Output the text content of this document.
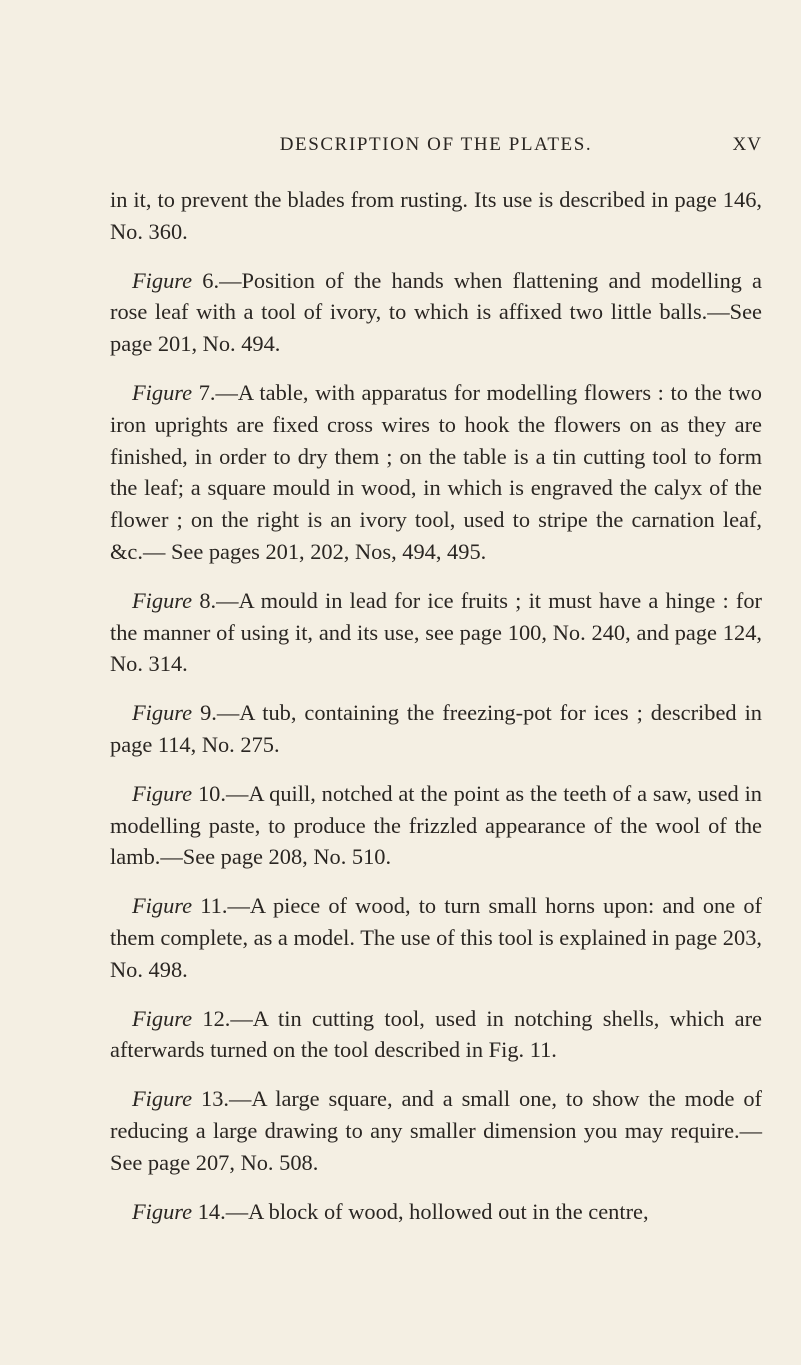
DESCRIPTION OF THE PLATES.	XV

in it, to prevent the blades from rusting. Its use is described in page 146, No. 360.

Figure 6.—Position of the hands when flattening and modelling a rose leaf with a tool of ivory, to which is affixed two little balls.—See page 201, No. 494.

Figure 7.—A table, with apparatus for modelling flowers : to the two iron uprights are fixed cross wires to hook the flowers on as they are finished, in order to dry them ; on the table is a tin cutting tool to form the leaf; a square mould in wood, in which is engraved the calyx of the flower ; on the right is an ivory tool, used to stripe the carnation leaf, &c.— See pages 201, 202, Nos, 494, 495.

Figure 8.—A mould in lead for ice fruits ; it must have a hinge : for the manner of using it, and its use, see page 100, No. 240, and page 124, No. 314.

Figure 9.—A tub, containing the freezing-pot for ices ; described in page 114, No. 275.

Figure 10.—A quill, notched at the point as the teeth of a saw, used in modelling paste, to produce the frizzled appearance of the wool of the lamb.—See page 208, No. 510.

Figure 11.—A piece of wood, to turn small horns upon: and one of them complete, as a model. The use of this tool is explained in page 203, No. 498.

Figure 12.—A tin cutting tool, used in notching shells, which are afterwards turned on the tool described in Fig. 11.

Figure 13.—A large square, and a small one, to show the mode of reducing a large drawing to any smaller dimension you may require.—See page 207, No. 508.

Figure 14.—A block of wood, hollowed out in the centre,
